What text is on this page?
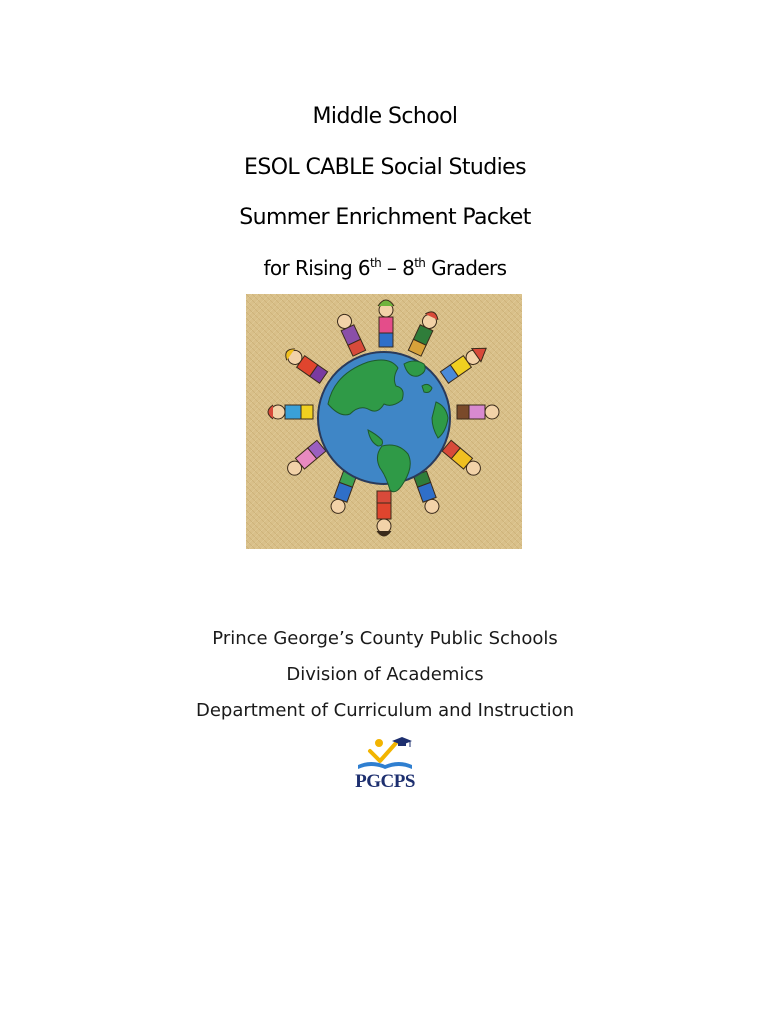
Middle School
ESOL CABLE Social Studies
Summer Enrichment Packet
for Rising 6th – 8th Graders
Prince George’s County Public Schools
Division of Academics
Department of Curriculum and Instruction
PGCPS
